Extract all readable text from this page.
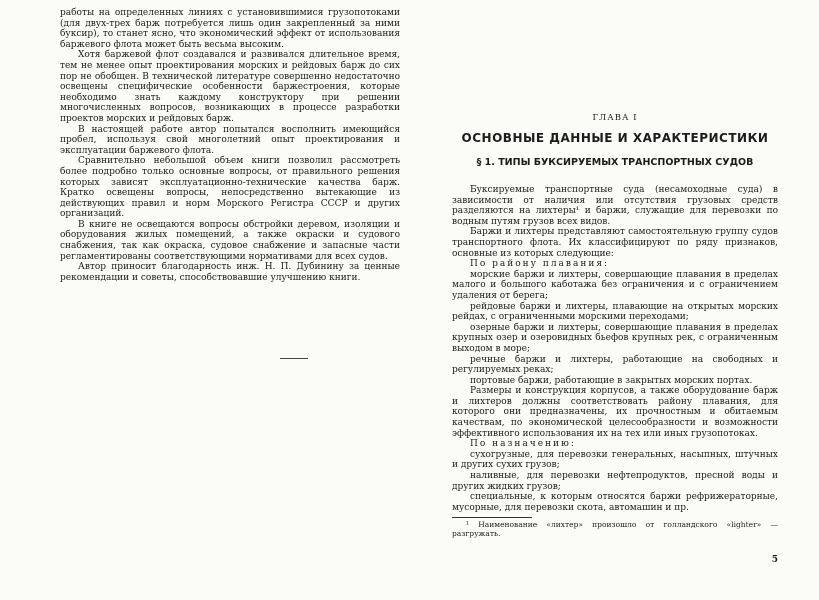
работы на определенных линиях с установившимися грузопотоками (для двух-трех барж потребуется лишь один закрепленный за ними буксир), то станет ясно, что экономический эффект от использования баржевого флота может быть весьма высоким.

Хотя баржевой флот создавался и развивался длительное время, тем не менее опыт проектирования морских и рейдовых барж до сих пор не обобщен. В технической литературе совершенно недостаточно освещены специфические особенности баржестроения, которые необходимо знать каждому конструктору при решении многочисленных вопросов, возникающих в процессе разработки проектов морских и рейдовых барж.

В настоящей работе автор попытался восполнить имеющийся пробел, используя свой многолетний опыт проектирования и эксплуатации баржевого флота.

Сравнительно небольшой объем книги позволил рассмотреть более подробно только основные вопросы, от правильного решения которых зависят эксплуатационно-технические качества барж. Кратко освещены вопросы, непосредственно вытекающие из действующих правил и норм Морского Регистра СССР и других организаций.

В книге не освещаются вопросы обстройки деревом, изоляции и оборудования жилых помещений, а также окраски и судового снабжения, так как окраска, судовое снабжение и запасные части регламентированы соответствующими нормативами для всех судов.

Автор приносит благодарность инж. Н. П. Дубинину за ценные рекомендации и советы, способствовавшие улучшению книги.

ГЛАВА I
ОСНОВНЫЕ ДАННЫЕ И ХАРАКТЕРИСТИКИ
§ 1. ТИПЫ БУКСИРУЕМЫХ ТРАНСПОРТНЫХ СУДОВ

Буксируемые транспортные суда (несамоходные суда) в зависимости от наличия или отсутствия грузовых средств разделяются на лихтеры¹ и баржи, служащие для перевозки по водным путям грузов всех видов.

Баржи и лихтеры представляют самостоятельную группу судов транспортного флота. Их классифицируют по ряду признаков, основные из которых следующие:

По району плавания:

морские баржи и лихтеры, совершающие плавания в пределах малого и большого каботажа без ограничения и с ограничением удаления от берега;

рейдовые баржи и лихтеры, плавающие на открытых морских рейдах, с ограниченными морскими переходами;

озерные баржи и лихтеры, совершающие плавания в пределах крупных озер и озеровидных бьефов крупных рек, с ограниченным выходом в море;

речные баржи и лихтеры, работающие на свободных и регулируемых реках;

портовые баржи, работающие в закрытых морских портах.

Размеры и конструкция корпусов, а также оборудование барж и лихтеров должны соответствовать району плавания, для которого они предназначены, их прочностным и обитаемым качествам, по экономической целесообразности и возможности эффективного использования их на тех или иных грузопотоках.

По назначению:

сухогрузные, для перевозки генеральных, насыпных, штучных и других сухих грузов;

наливные, для перевозки нефтепродуктов, пресной воды и других жидких грузов;

специальные, к которым относятся баржи рефрижераторные, мусорные, для перевозки скота, автомашин и пр.

¹ Наименование «лихтер» произошло от голландского «lighter» — разгружать.

5
